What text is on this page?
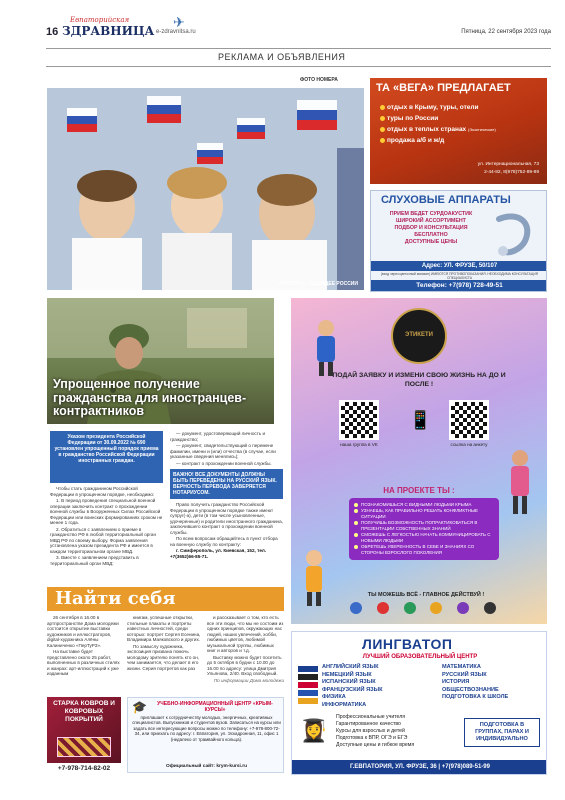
16
Евпаторийская
ЗДРАВНИЦА e-zdravnitsa.ru
✈
Пятница, 22 сентября 2023 года
РЕКЛАМА И ОБЪЯВЛЕНИЯ
ФОТО НОМЕРА
«ОРЛЯТА» – БУДУЩЕЕ РОССИИ
ТА «ВЕГА» ПРЕДЛАГАЕТ
отдых в Крыму, туры, отели
туры по России
отдых в теплых странах (Экзотические)
продажа а/б и ж/д
ул. Интернациональная, 73
2-44-82, 8(978)752-89-89
СЛУХОВЫЕ АППАРАТЫ
ПРИЕМ ВЕДЕТ СУРДОАКУСТИК
ШИРОКИЙ АССОРТИМЕНТ
ПОДБОР И КОНСУЛЬТАЦИЯ БЕСПЛАТНО
ДОСТУПНЫЕ ЦЕНЫ
Адрес: УЛ. ФРУЗЕ, 50/107
(вход через цветочный магазин) ИМЕЮТСЯ ПРОТИВОПОКАЗАНИЯ. НЕОБХОДИМА КОНСУЛЬТАЦИЯ СПЕЦИАЛИСТА
Телефон: +7(978) 728-49-51
Упрощенное получение гражданства для иностранцев-контрактников
Указом президента Российской Федерации от 30.09.2022 № 690 установлен упрощенный порядок приема в гражданство Российской Федерации иностранных граждан.

Чтобы стать гражданином Российской Федерации в упрощенном порядке, необходимо:

1. В период проведения специальной военной операции заключить контракт о прохождении военной службы в Вооруженных Силах Российской Федерации или воинских формированиях сроком не менее 1 года.

2. Обратиться с заявлением о приеме в гражданство РФ в любой территориальный орган МВД РФ по своему выбору. Форма заявления установлена указом президента РФ и имеется в каждом территориальном органе МВД.

3. Вместе с заявлением представить в территориальный орган МВД:

— документ, удостоверяющий личность и гражданство;

— документ, свидетельствующий о перемене фамилии, имени и (или) отчества (в случае, если указанные сведения менялись);

— контракт о прохождении военной службы.

ВАЖНО! ВСЕ ДОКУМЕНТЫ ДОЛЖНЫ БЫТЬ ПЕРЕВЕДЕНЫ НА РУССКИЙ ЯЗЫК. ВЕРНОСТЬ ПЕРЕВОДА ЗАВЕРЯЕТСЯ НОТАРИУСОМ.

Право получить гражданство Российской Федерации в упрощенном порядке также имеют супруг(-а), дети (в том числе усыновленные, удочеренные) и родители иностранного гражданина, заключившего контракт о прохождении военной службы.

По всем вопросам обращайтесь в пункт отбора на военную службу по контракту:

г. Симферополь, ул. Киевская, 152, тел. +7(3652)66-85-71.

Найти себя

26 сентября в 16.00 в артпространстве Дома молодежи состоится открытие выставки художников и иллюстраторов, digital-художника Алёны Калиниченко «ПерТуРЗ».

На выставке будет представлено около 25 работ, выполненных в различных стилях и жанрах: арт-иллюстраций к уже изданным

книгам, успешные открытки, стильные плакаты и портреты известных личностей, среди которых: портрет Сергея Есенина, Владимира Маяковского и других.

По замыслу художника, экспозиция призвана помочь молодому зрителю понять кто он, чем занимается, что делает в его жизни. Серия портретов как раз

и рассказывает о том, кто есть все эти люди, что мы не состоим из одних принципов, окружающих нас людей, наших увлечений, хобби, любимых цветов, любимой музыкальной группы, любимых книг и авторов и т.д.

Выставку можно будет посетить до 5 октября в будни с 10.00 до 16.00 по адресу: улица Дмитрия Ульянова, 2/40. Вход свободный.

По информации Дома молодежи

СТАРКА КОВРОВ И КОВРОВЫХ ПОКРЫТИЙ
+7-978-714-82-02
УЧЕБНО-ИНФОРМАЦИОННЫЙ ЦЕНТР «КРЫМ-КУРСЫ»
🎓
приглашает к сотрудничеству молодых, энергичных, креативных специалистов. Выпускников и студентов вузов. Записаться на курсы или задать все интересующие вопросы можно по телефону: +7-978-800-72-34, или приехать по адресу: г. Евпатория, ул. Эскадронная, 11, офис 1 (недалеко от трамвайного кольца).
Официальный сайт: krym-kursi.ru
ЭТИКЕТИ
ПОДАЙ ЗАЯВКУ И ИЗМЕНИ СВОЮ ЖИЗНЬ НА ДО И ПОСЛЕ !
наша группа в VK
📱
ссылка на анкету
НА ПРОЕКТЕ ТЫ :
ПОЗНАКОМИШЬСЯ С ВИДНЫМИ ЛЮДЬМИ КРЫМА
УЗНАЕШЬ, КАК ПРАВИЛЬНО РЕШАТЬ КОНФЛИКТНЫЕ СИТУАЦИИ
ПОЛУЧИШЬ ВОЗМОЖНОСТЬ ПОПРАКТИКОВАТЬСЯ В ПРЕЗЕНТАЦИИ СОБСТВЕННЫХ ЗНАНИЙ
СМОЖЕШЬ С ЛЕГКОСТЬЮ НАЧАТЬ КОММУНИЦИРОВАТЬ С НОВЫМИ ЛЮДЬМИ
ОБРЕТЕШЬ УВЕРЕННОСТЬ В СЕБЕ И ЗНАНИЯХ СО СТОРОНЫ ВЗРОСЛОГО ПОКОЛЕНИЯ
ТЫ МОЖЕШЬ ВСЁ - ГЛАВНОЕ ДЕЙСТВУЙ !
ЛИНГВАТОП
ЛУЧШИЙ ОБРАЗОВАТЕЛЬНЫЙ ЦЕНТР
АНГЛИЙСКИЙ ЯЗЫК
НЕМЕЦКИЙ ЯЗЫК
ИСПАНСКИЙ ЯЗЫК
ФРАНЦУЗСКИЙ ЯЗЫК
ФИЗИКА
ИНФОРМАТИКА
МАТЕМАТИКА
РУССКИЙ ЯЗЫК
ИСТОРИЯ
ОБЩЕСТВОЗНАНИЕ
ПОДГОТОВКА К ШКОЛЕ
Профессиональные учителя
Гарантированное качество
Курсы для взрослых и детей
Подготовка к ВПР, ОГЭ и ЕГЭ
Доступные цены и гибкое время
👩‍🎓	ПОДГОТОВКА В ГРУППАХ, ПАРАХ И ИНДИВИДУАЛЬНО
Г.ЕВПАТОРИЯ, УЛ. ФРУЗЕ, 36 | +7(978)089-51-99
